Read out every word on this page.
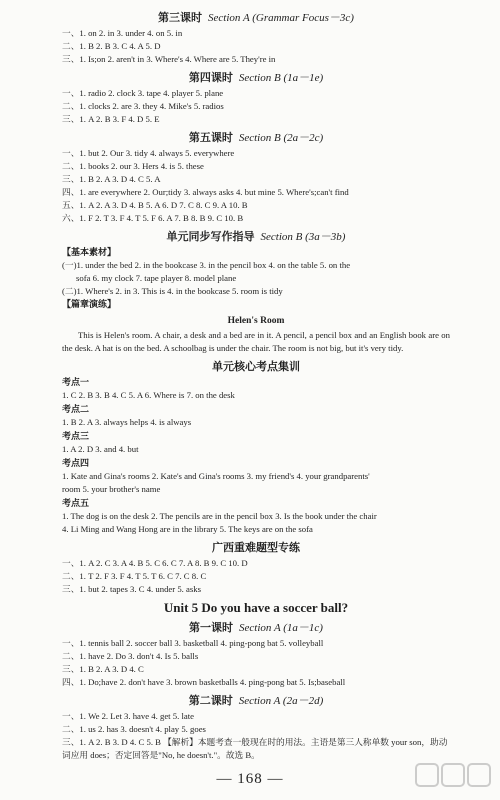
第三课时 Section A (Grammar Focus－3c)
一、1. on 2. in 3. under 4. on 5. in
二、1. B 2. B 3. C 4. A 5. D
三、1. Is;on 2. aren't in 3. Where's 4. Where are 5. They're in
第四课时 Section B (1a－1e)
一、1. radio 2. clock 3. tape 4. player 5. plane
二、1. clocks 2. are 3. they 4. Mike's 5. radios
三、1. A 2. B 3. F 4. D 5. E
第五课时 Section B (2a－2c)
一、1. but 2. Our 3. tidy 4. always 5. everywhere
二、1. books 2. our 3. Hers 4. is 5. these
三、1. B 2. A 3. D 4. C 5. A
四、1. are everywhere 2. Our;tidy 3. always asks 4. but mine 5. Where's;can't find
五、1. A 2. A 3. D 4. B 5. A 6. D 7. C 8. C 9. A 10. B
六、1. F 2. T 3. F 4. T 5. F 6. A 7. B 8. B 9. C 10. B
单元同步写作指导 Section B (3a－3b)
【基本素材】
(一)1. under the bed 2. in the bookcase 3. in the pencil box 4. on the table 5. on the
sofa 6. my clock 7. tape player 8. model plane
(二)1. Where's 2. in 3. This is 4. in the bookcase 5. room is tidy
【篇章演练】
Helen's Room
This is Helen's room. A chair, a desk and a bed are in it. A pencil, a pencil box and an English book are on the desk. A hat is on the bed. A schoolbag is under the chair. The room is not big, but it's very tidy.
单元核心考点集训
考点一
1. C 2. B 3. B 4. C 5. A 6. Where is 7. on the desk
考点二
1. B 2. A 3. always helps 4. is always
考点三
1. A 2. D 3. and 4. but
考点四
1. Kate and Gina's rooms 2. Kate's and Gina's rooms 3. my friend's 4. your grandparents'
room 5. your brother's name
考点五
1. The dog is on the desk 2. The pencils are in the pencil box 3. Is the book under the chair
4. Li Ming and Wang Hong are in the library 5. The keys are on the sofa
广西重难题型专练
一、1. A 2. C 3. A 4. B 5. C 6. C 7. A 8. B 9. C 10. D
二、1. T 2. F 3. F 4. T 5. T 6. C 7. C 8. C
三、1. but 2. tapes 3. C 4. under 5. asks
Unit 5 Do you have a soccer ball?
第一课时 Section A (1a－1c)
一、1. tennis ball 2. soccer ball 3. basketball 4. ping-pong bat 5. volleyball
二、1. have 2. Do 3. don't 4. Is 5. balls
三、1. B 2. A 3. D 4. C
四、1. Do;have 2. don't have 3. brown basketballs 4. ping-pong bat 5. Is;baseball
第二课时 Section A (2a－2d)
一、1. We 2. Let 3. have 4. get 5. late
二、1. us 2. has 3. doesn't 4. play 5. goes
三、1. A 2. B 3. D 4. C 5. B 【解析】本题考查一般现在时的用法。主语是第三人称单数 your son，助动词应用 does；否定回答是"No, he doesn't."。故选 B。
— 168 —
